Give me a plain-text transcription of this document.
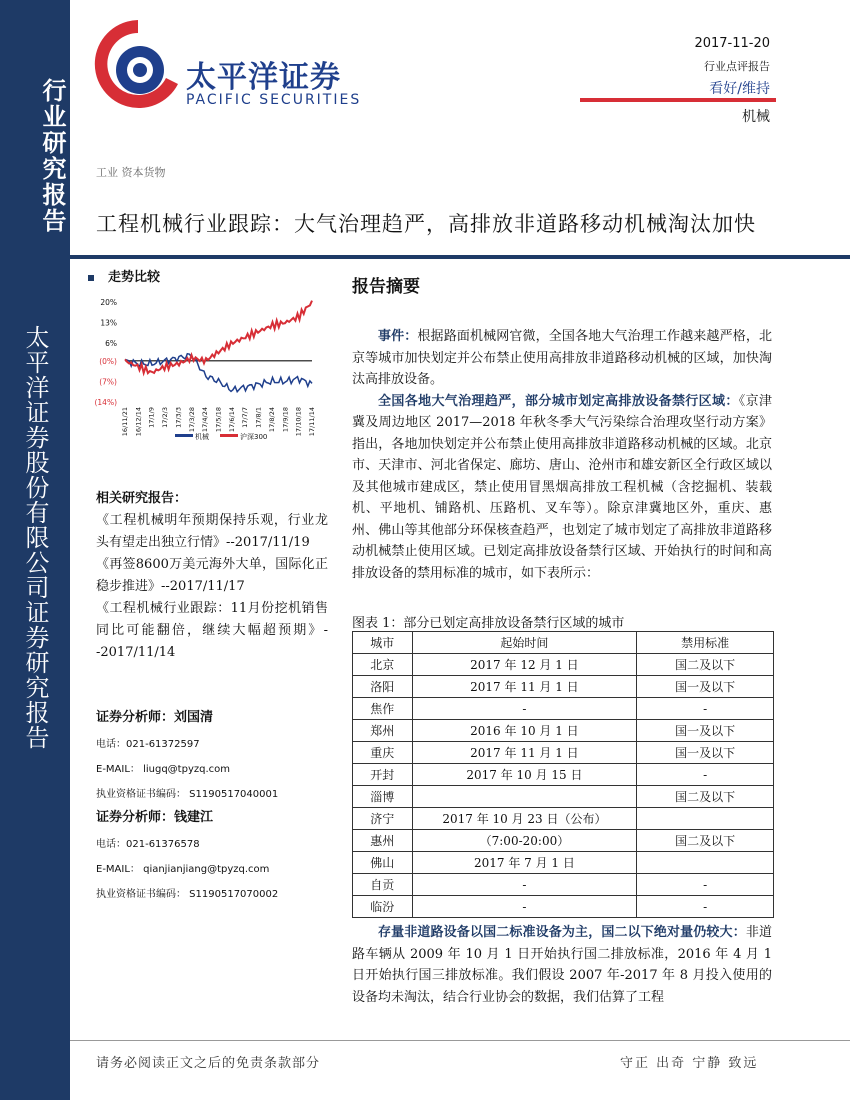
行业研究报告
太平洋证券股份有限公司证券研究报告
太平洋证券
PACIFIC SECURITIES
2017-11-20
行业点评报告
看好/维持
机械
工业 资本货物
工程机械行业跟踪：大气治理趋严，高排放非道路移动机械淘汰加快
走势比较
20%
13%
6%
(0%)
(7%)
(14%)
16/11/21 16/12/14 17/1/9 17/2/3 17/3/3 17/3/28 17/4/24 17/5/18 17/6/14 17/7/7 17/8/1 17/8/24 17/9/18 17/10/18 17/11/14
机械	沪深300
相关研究报告：

《工程机械明年预期保持乐观，行业龙头有望走出独立行情》--2017/11/19

《再签8600万美元海外大单，国际化正稳步推进》--2017/11/17

《工程机械行业跟踪：11月份挖机销售同比可能翻倍，继续大幅超预期》--2017/11/14

证券分析师：刘国清
电话：021-61372597
E-MAIL： liugq@tpyzq.com
执业资格证书编码： S1190517040001
证券分析师：钱建江
电话：021-61376578
E-MAIL： qianjianjiang@tpyzq.com
执业资格证书编码： S1190517070002
报告摘要

事件：根据路面机械网官微，全国各地大气治理工作越来越严格，北京等城市加快划定并公布禁止使用高排放非道路移动机械的区域，加快淘汰高排放设备。

全国各地大气治理趋严，部分城市划定高排放设备禁行区域：《京津冀及周边地区 2017—2018 年秋冬季大气污染综合治理攻坚行动方案》指出，各地加快划定并公布禁止使用高排放非道路移动机械的区域。北京市、天津市、河北省保定、廊坊、唐山、沧州市和雄安新区全行政区域以及其他城市建成区，禁止使用冒黑烟高排放工程机械（含挖掘机、装载机、平地机、铺路机、压路机、叉车等）。除京津冀地区外，重庆、惠州、佛山等其他部分环保核查趋严，也划定了城市划定了高排放非道路移动机械禁止使用区域。已划定高排放设备禁行区域、开始执行的时间和高排放设备的禁用标准的城市，如下表所示：

图表 1：部分已划定高排放设备禁行区域的城市
城市	起始时间	禁用标准
北京	2017 年 12 月 1 日	国二及以下
洛阳	2017 年 11 月 1 日	国一及以下
焦作	-	-
郑州	2016 年 10 月 1 日	国一及以下
重庆	2017 年 11 月 1 日	国一及以下
开封	2017 年 10 月 15 日	-
淄博		国二及以下
济宁	2017 年 10 月 23 日（公布）	
惠州	（7:00-20:00）	国二及以下
佛山	2017 年 7 月 1 日	
自贡	-	-
临汾	-	-

存量非道路设备以国二标准设备为主，国二以下绝对量仍较大：非道路车辆从 2009 年 10 月 1 日开始执行国二排放标准，2016 年 4 月 1 日开始执行国三排放标准。我们假设 2007 年-2017 年 8 月投入使用的设备均未淘汰，结合行业协会的数据，我们估算了工程

请务必阅读正文之后的免责条款部分	守正 出奇 宁静 致远
